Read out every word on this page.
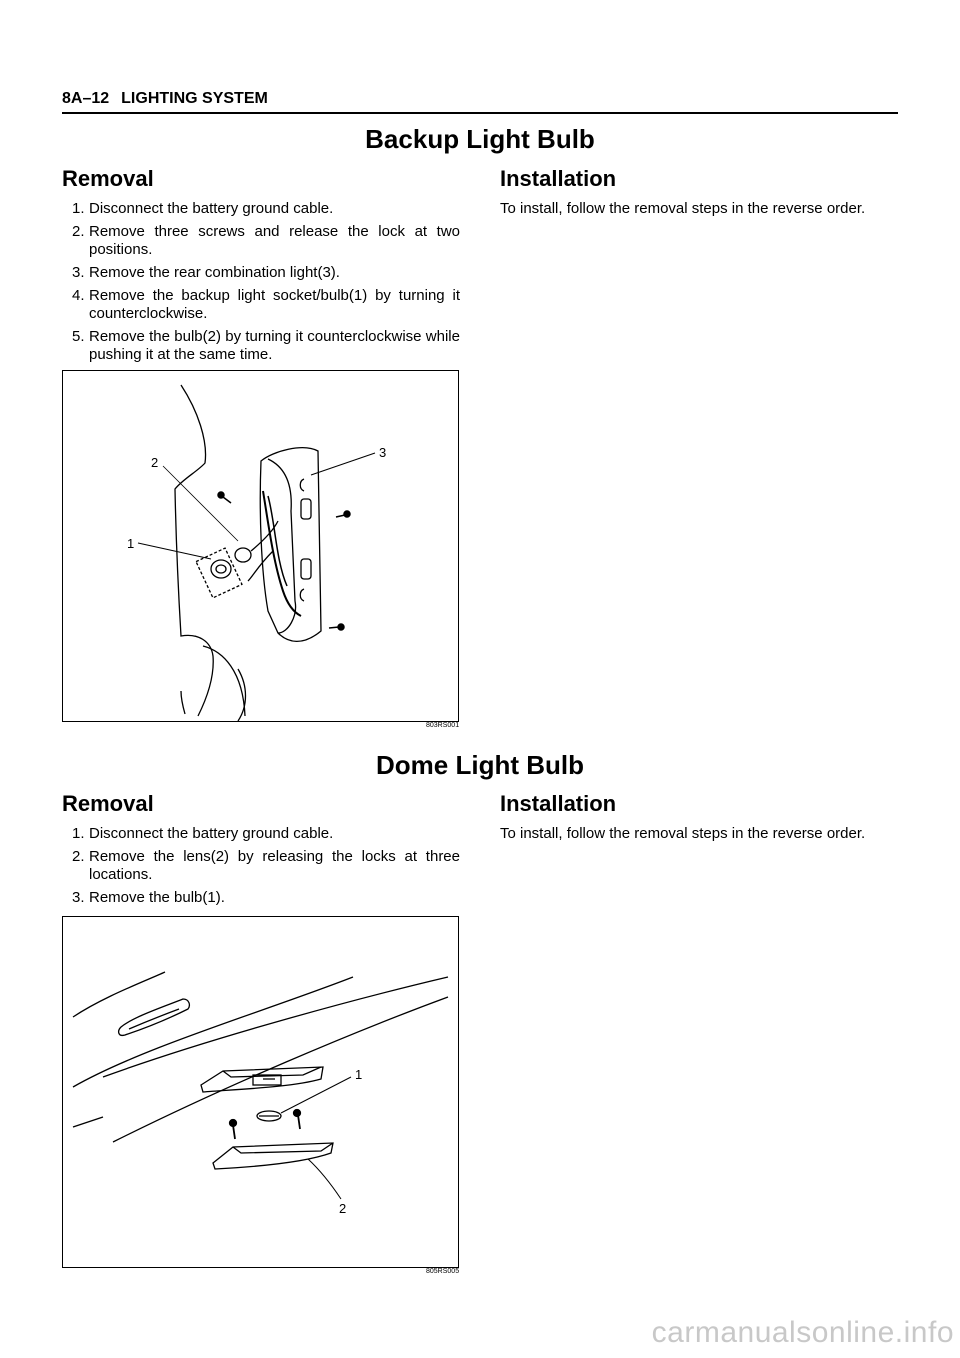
8A–12 LIGHTING SYSTEM
Backup Light Bulb
Removal
1. Disconnect the battery ground cable.
2. Remove three screws and release the lock at two positions.
3. Remove the rear combination light(3).
4. Remove the backup light socket/bulb(1) by turning it counterclockwise.
5. Remove the bulb(2) by turning it counterclockwise while pushing it at the same time.
Installation

To install, follow the removal steps in the reverse order.

2
1
3
803RS001
Dome Light Bulb
Removal
1. Disconnect the battery ground cable.
2. Remove the lens(2) by releasing the locks at three locations.
3. Remove the bulb(1).
Installation

To install, follow the removal steps in the reverse order.

1
2
805RS005
carmanualsonline.info
